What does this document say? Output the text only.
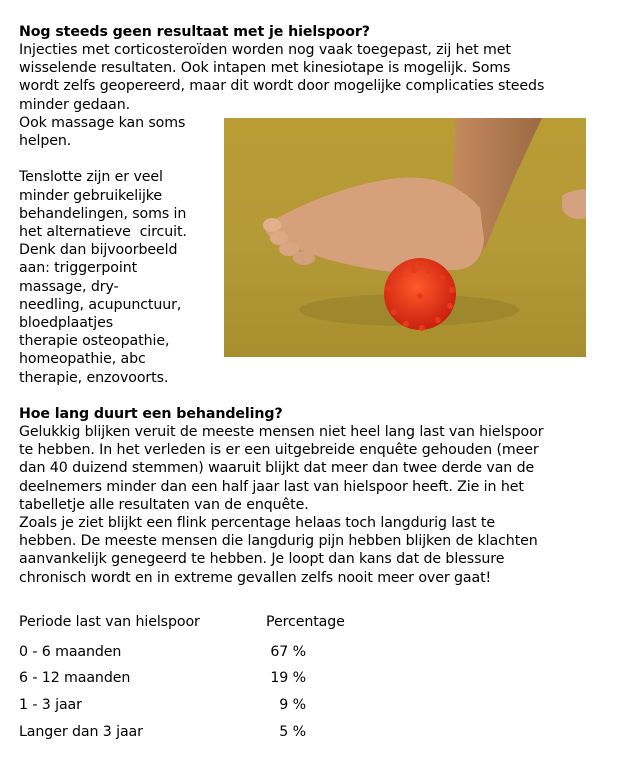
Nog steeds geen resultaat met je hielspoor?
Injecties met corticosteroïden worden nog vaak toegepast, zij het met
wisselende resultaten. Ook intapen met kinesiotape is mogelijk. Soms
wordt zelfs geopereerd, maar dit wordt door mogelijke complicaties steeds
minder gedaan.

Ook massage kan soms
helpen.

Tenslotte zijn er veel
minder gebruikelijke
behandelingen, soms in
het alternatieve  circuit.
Denk dan bijvoorbeeld
aan: triggerpoint
massage, dry-
needling, acupunctuur,
bloedplaatjes
therapie osteopathie,
homeopathie, abc
therapie, enzovoorts.

Hoe lang duurt een behandeling?
Gelukkig blijken veruit de meeste mensen niet heel lang last van hielspoor
te hebben. In het verleden is er een uitgebreide enquête gehouden (meer
dan 40 duizend stemmen) waaruit blijkt dat meer dan twee derde van de
deelnemers minder dan een half jaar last van hielspoor heeft. Zie in het
tabelletje alle resultaten van de enquête.
Zoals je ziet blijkt een flink percentage helaas toch langdurig last te
hebben. De meeste mensen die langdurig pijn hebben blijken de klachten
aanvankelijk genegeerd te hebben. Je loopt dan kans dat de blessure
chronisch wordt en in extreme gevallen zelfs nooit meer over gaat!
Periode last van hielspoor	Percentage
0 - 6 maanden	67 %
6 - 12 maanden	19 %
1 - 3 jaar	9 %
Langer dan 3 jaar	5 %
